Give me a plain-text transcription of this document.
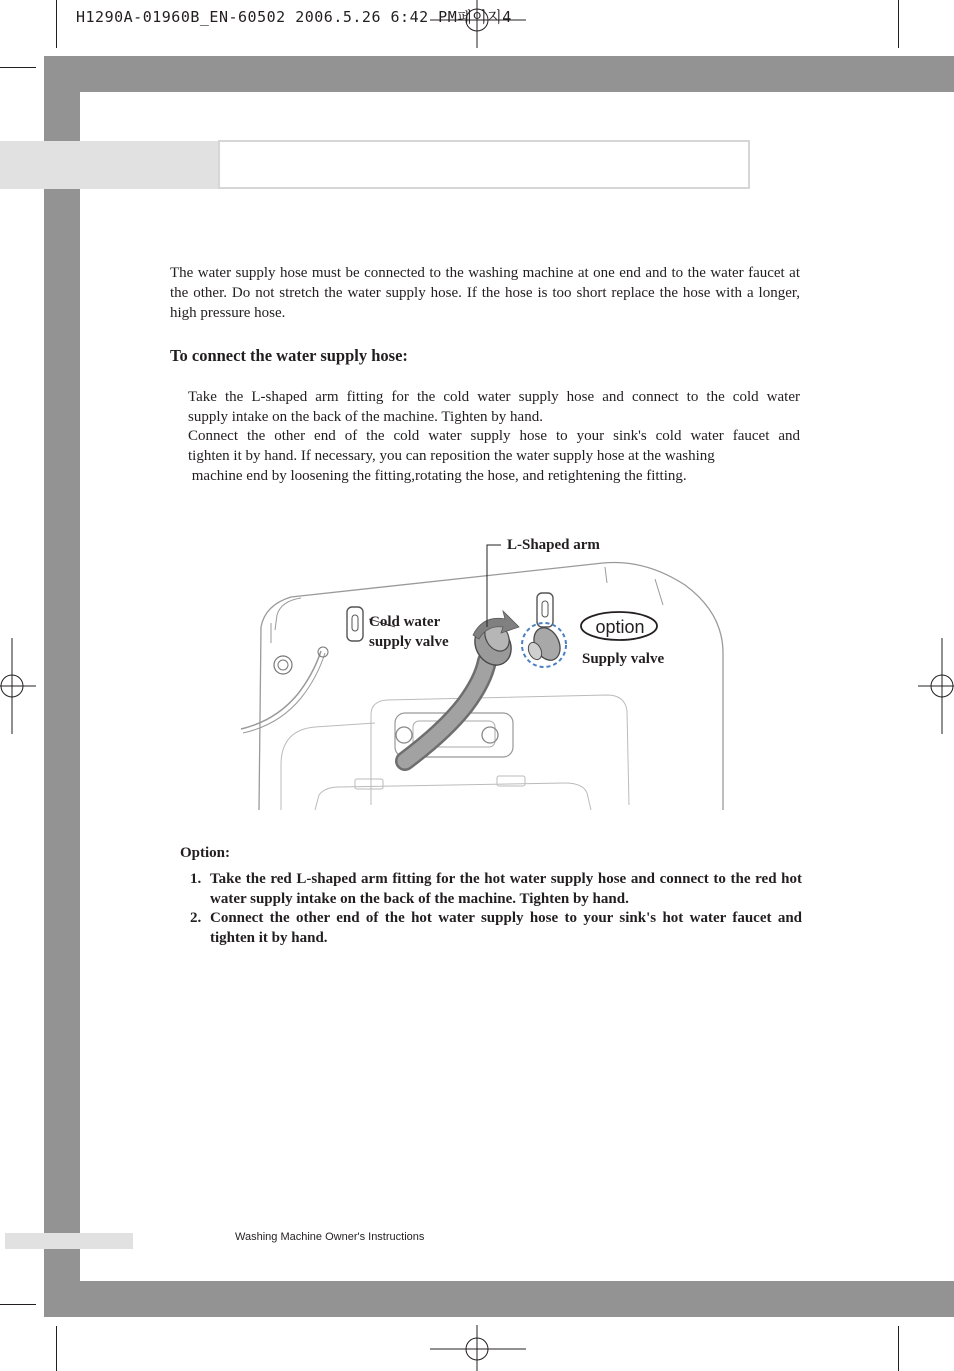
H1290A-01960B_EN-60502 2006.5.26 6:42 PM페이지4
The water supply hose must be connected to the washing machine at one end and to the water faucet at the other. Do not stretch the water supply hose. If the hose is too short replace the hose with a longer, high pressure hose.
To connect the water supply hose:
Take the L-shaped arm fitting for the cold water supply hose and connect to the cold water
supply intake on the back of the machine. Tighten by hand.
Connect the other end of the cold water supply hose to your sink's cold water faucet and
tighten it by hand. If necessary, you can reposition the water supply hose at the washing
machine end by loosening the fitting,rotating the hose, and retightening the fitting.
L-Shaped arm
Cold water
supply valve
option
Supply valve
Option:
1. Take the red L-shaped arm fitting for the hot water supply hose and connect to the red hot water supply intake on the back of the machine. Tighten by hand.
2. Connect the other end of the hot water supply hose to your sink's hot water faucet and tighten it by hand.
Washing Machine Owner's Instructions
